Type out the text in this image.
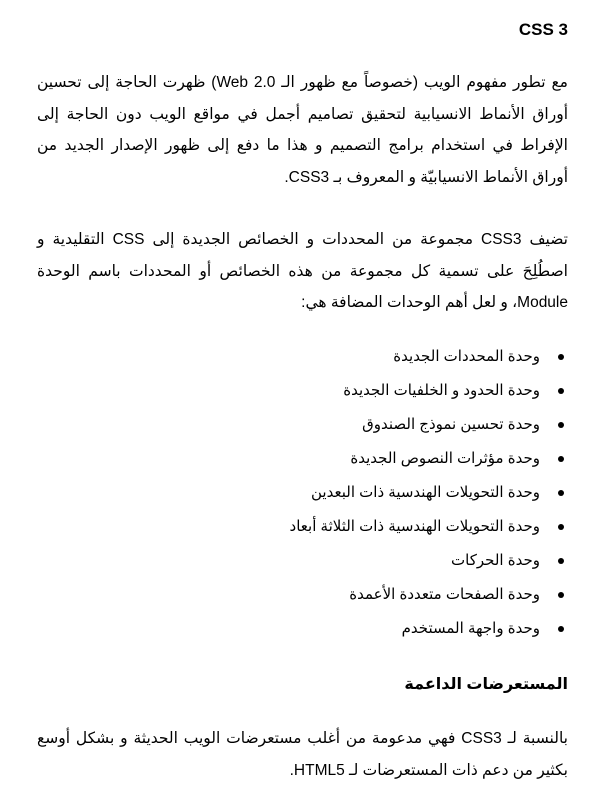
CSS 3

مع تطور مفهوم الويب (خصوصاً مع ظهور الـ Web 2.0) ظهرت الحاجة إلى تحسين أوراق الأنماط الانسيابية لتحقيق تصاميم أجمل في مواقع الويب دون الحاجة إلى الإفراط في استخدام برامج التصميم و هذا ما دفع إلى ظهور الإصدار الجديد من أوراق الأنماط الانسيابيّة و المعروف بـ CSS3.

تضيف CSS3 مجموعة من المحددات و الخصائص الجديدة إلى CSS التقليدية و اصطُلِحَ على تسمية كل مجموعة من هذه الخصائص أو المحددات باسم الوحدة Module، و لعل أهم الوحدات المضافة هي:

وحدة المحددات الجديدة
وحدة الحدود و الخلفيات الجديدة
وحدة تحسين نموذج الصندوق
وحدة مؤثرات النصوص الجديدة
وحدة التحويلات الهندسية ذات البعدين
وحدة التحويلات الهندسية ذات الثلاثة أبعاد
وحدة الحركات
وحدة الصفحات متعددة الأعمدة
وحدة واجهة المستخدم
المستعرضات الداعمة

بالنسبة لـ CSS3 فهي مدعومة من أغلب مستعرضات الويب الحديثة و بشكل أوسع بكثير من دعم ذات المستعرضات لـ HTML5.
